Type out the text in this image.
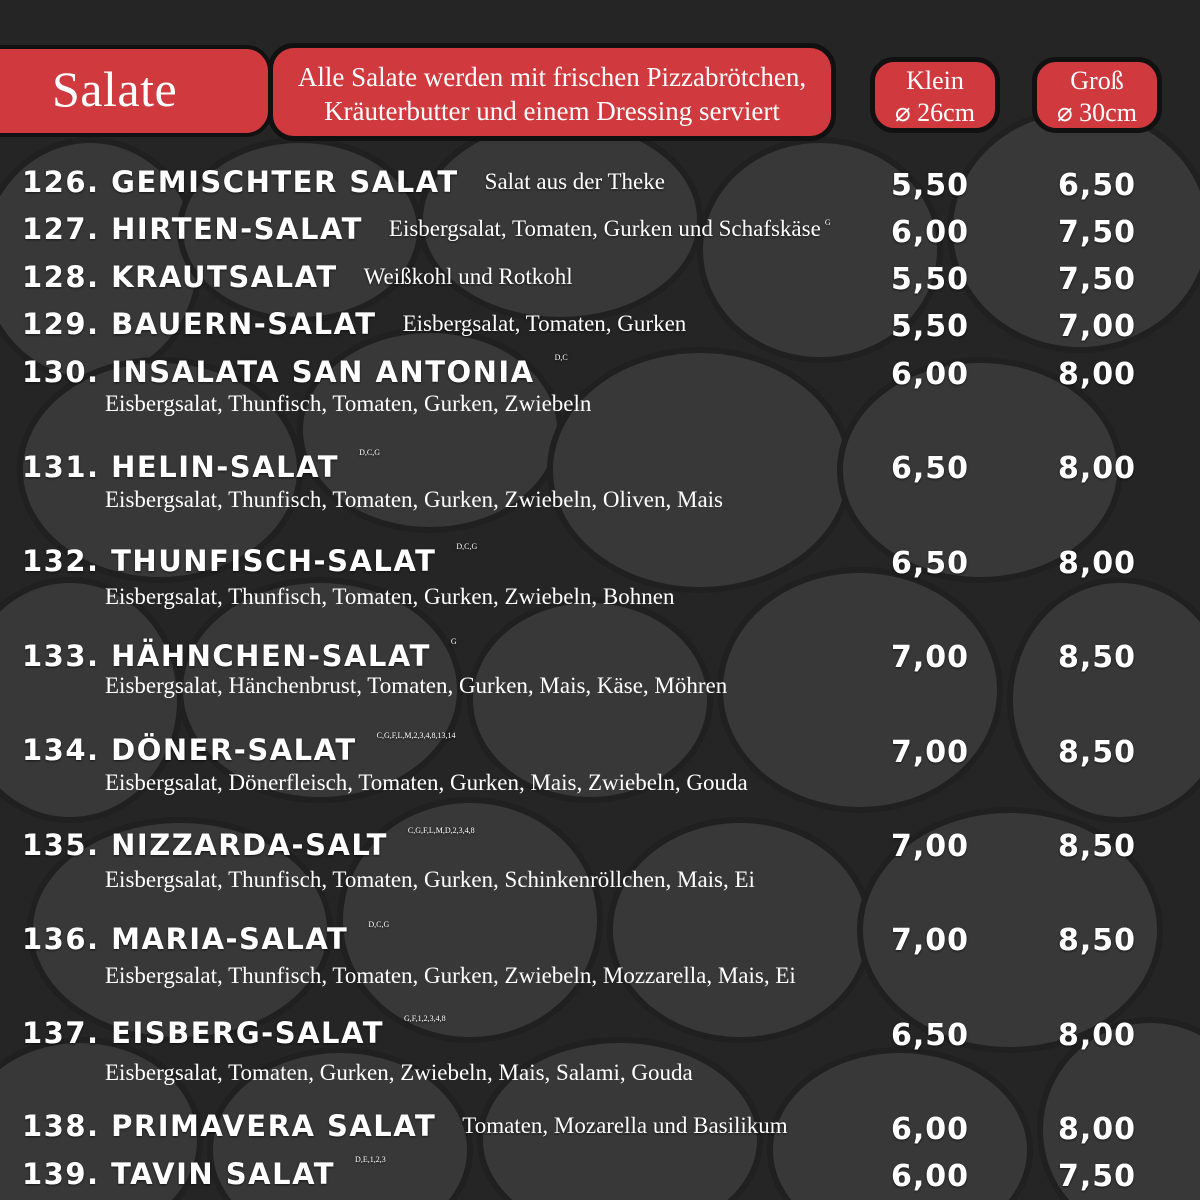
Salate	Alle Salate werden mit frischen Pizzabrötchen,
Kräuterbutter und einem Dressing serviert
Klein
⌀ 26cm
Groß
⌀ 30cm
126. GEMISCHTER SALAT Salat aus der Theke	5,50	6,50
127. HIRTEN-SALAT Eisbergsalat, Tomaten, Gurken und Schafskäse $^G$	6,00	7,50
128. KRAUTSALAT Weißkohl und Rotkohl	5,50	7,50
129. BAUERN-SALAT Eisbergsalat, Tomaten, Gurken	5,50	7,00
130. INSALATA SAN ANTONIA	$^{D,C}$
Eisbergsalat, Thunfisch, Tomaten, Gurken, Zwiebeln
6,00	8,00
131. HELIN-SALAT	$^{D,C,G}$
Eisbergsalat, Thunfisch, Tomaten, Gurken, Zwiebeln, Oliven, Mais
6,50	8,00
132. THUNFISCH-SALAT	$^{D,C,G}$
Eisbergsalat, Thunfisch, Tomaten, Gurken, Zwiebeln, Bohnen
6,50	8,00
133. HÄHNCHEN-SALAT	$^G$
Eisbergsalat, Hänchenbrust, Tomaten, Gurken, Mais, Käse, Möhren
7,00	8,50
134. DÖNER-SALAT	$^{C,G,F,L,M,2,3,4,8,13,14}$
Eisbergsalat, Dönerfleisch, Tomaten, Gurken, Mais, Zwiebeln, Gouda
7,00	8,50
135. NIZZARDA-SALT	$^{C,G,F,L,M,D,2,3,4,8}$
Eisbergsalat, Thunfisch, Tomaten, Gurken, Schinkenröllchen, Mais, Ei
7,00	8,50
136. MARIA-SALAT	$^{D,C,G}$
Eisbergsalat, Thunfisch, Tomaten, Gurken, Zwiebeln, Mozzarella, Mais, Ei
7,00	8,50
137. EISBERG-SALAT	$^{G,F,1,2,3,4,8}$
Eisbergsalat, Tomaten, Gurken, Zwiebeln, Mais, Salami, Gouda
6,50	8,00
138. PRIMAVERA SALAT Tomaten, Mozarella und Basilikum	6,00	8,00
139. TAVIN SALAT	$^{D,E,1,2,3}$	6,00	7,50
